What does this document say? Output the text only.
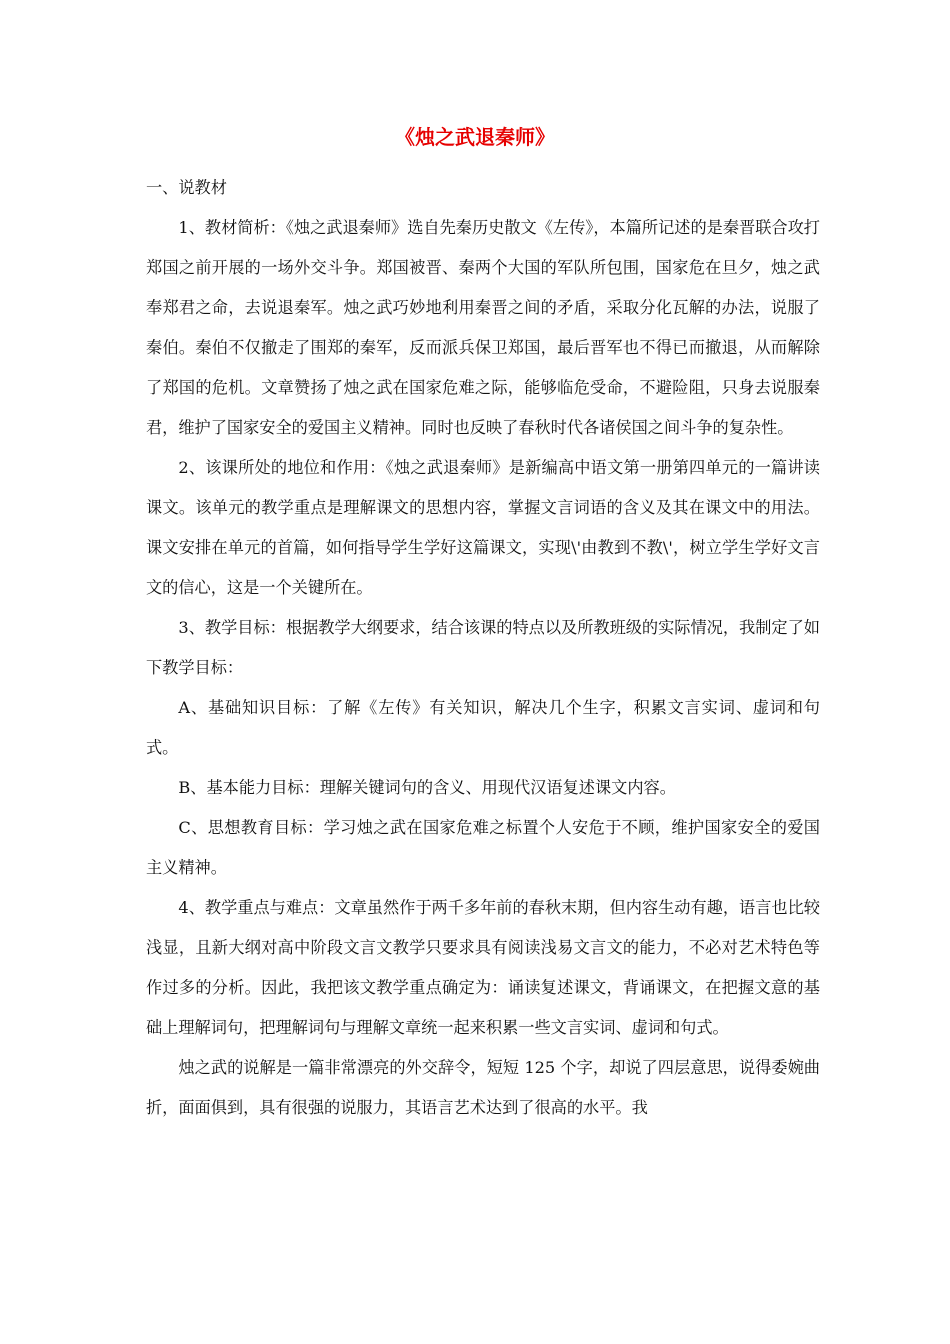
《烛之武退秦师》

一、说教材

1、教材简析：《烛之武退秦师》选自先秦历史散文《左传》，本篇所记述的是秦晋联合攻打郑国之前开展的一场外交斗争。郑国被晋、秦两个大国的军队所包围，国家危在旦夕，烛之武奉郑君之命，去说退秦军。烛之武巧妙地利用秦晋之间的矛盾，采取分化瓦解的办法，说服了秦伯。秦伯不仅撤走了围郑的秦军，反而派兵保卫郑国，最后晋军也不得已而撤退，从而解除了郑国的危机。文章赞扬了烛之武在国家危难之际，能够临危受命，不避险阻，只身去说服秦君，维护了国家安全的爱国主义精神。同时也反映了春秋时代各诸侯国之间斗争的复杂性。

2、该课所处的地位和作用：《烛之武退秦师》是新编高中语文第一册第四单元的一篇讲读课文。该单元的教学重点是理解课文的思想内容，掌握文言词语的含义及其在课文中的用法。课文安排在单元的首篇，如何指导学生学好这篇课文，实现\'由教到不教\'，树立学生学好文言文的信心，这是一个关键所在。

3、教学目标：根据教学大纲要求，结合该课的特点以及所教班级的实际情况，我制定了如下教学目标：

A、基础知识目标：了解《左传》有关知识，解决几个生字，积累文言实词、虚词和句式。

B、基本能力目标：理解关键词句的含义、用现代汉语复述课文内容。

C、思想教育目标：学习烛之武在国家危难之标置个人安危于不顾，维护国家安全的爱国主义精神。

4、教学重点与难点：文章虽然作于两千多年前的春秋末期，但内容生动有趣，语言也比较浅显，且新大纲对高中阶段文言文教学只要求具有阅读浅易文言文的能力，不必对艺术特色等作过多的分析。因此，我把该文教学重点确定为：诵读复述课文，背诵课文，在把握文意的基础上理解词句，把理解词句与理解文章统一起来积累一些文言实词、虚词和句式。

烛之武的说解是一篇非常漂亮的外交辞令，短短 125 个字，却说了四层意思，说得委婉曲折，面面俱到，具有很强的说服力，其语言艺术达到了很高的水平。我
